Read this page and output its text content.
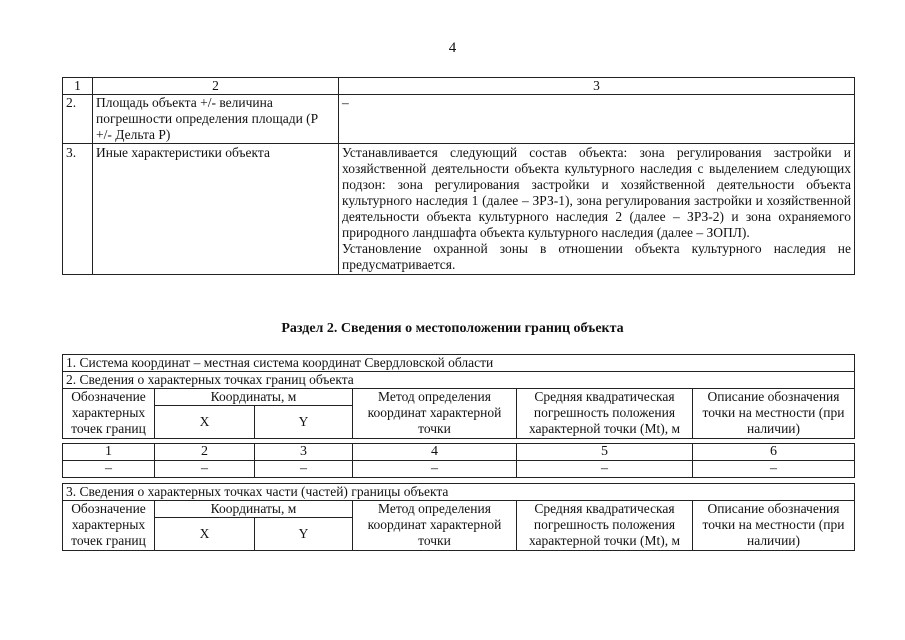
4
1	2	3
2.	Площадь объекта +/- величина погрешности определения площади (Р +/- Дельта Р)	–
3.	Иные характеристики объекта	Устанавливается следующий состав объекта: зона регулирования застройки и хозяйственной деятельности объекта культурного наследия с выделением следующих подзон: зона регулирования застройки и хозяйственной деятельности объекта культурного наследия 1 (далее – ЗРЗ-1), зона регулирования застройки и хозяйственной деятельности объекта культурного наследия 2 (далее – ЗРЗ-2) и зона охраняемого природного ландшафта объекта культурного наследия (далее – ЗОПЛ).
Установление охранной зоны в отношении объекта культурного наследия не предусматривается.
Раздел 2. Сведения о местоположении границ объекта
1. Система координат – местная система координат Свердловской области					
2. Сведения о характерных точках границ объекта					
Обозначение характерных точек границ	Координаты, м		Метод определения координат характерной точки	Средняя квадратическая погрешность положения характерной точки (Mt), м	Описание обозначения точки на местности (при наличии)
	X	Y			

1	2	3	4	5	6
–	–	–	–	–	–
3. Сведения о характерных точках части (частей) границы объекта					
Обозначение характерных точек границ	Координаты, м		Метод определения координат характерной точки	Средняя квадратическая погрешность положения характерной точки (Mt), м	Описание обозначения точки на местности (при наличии)
	X	Y			
